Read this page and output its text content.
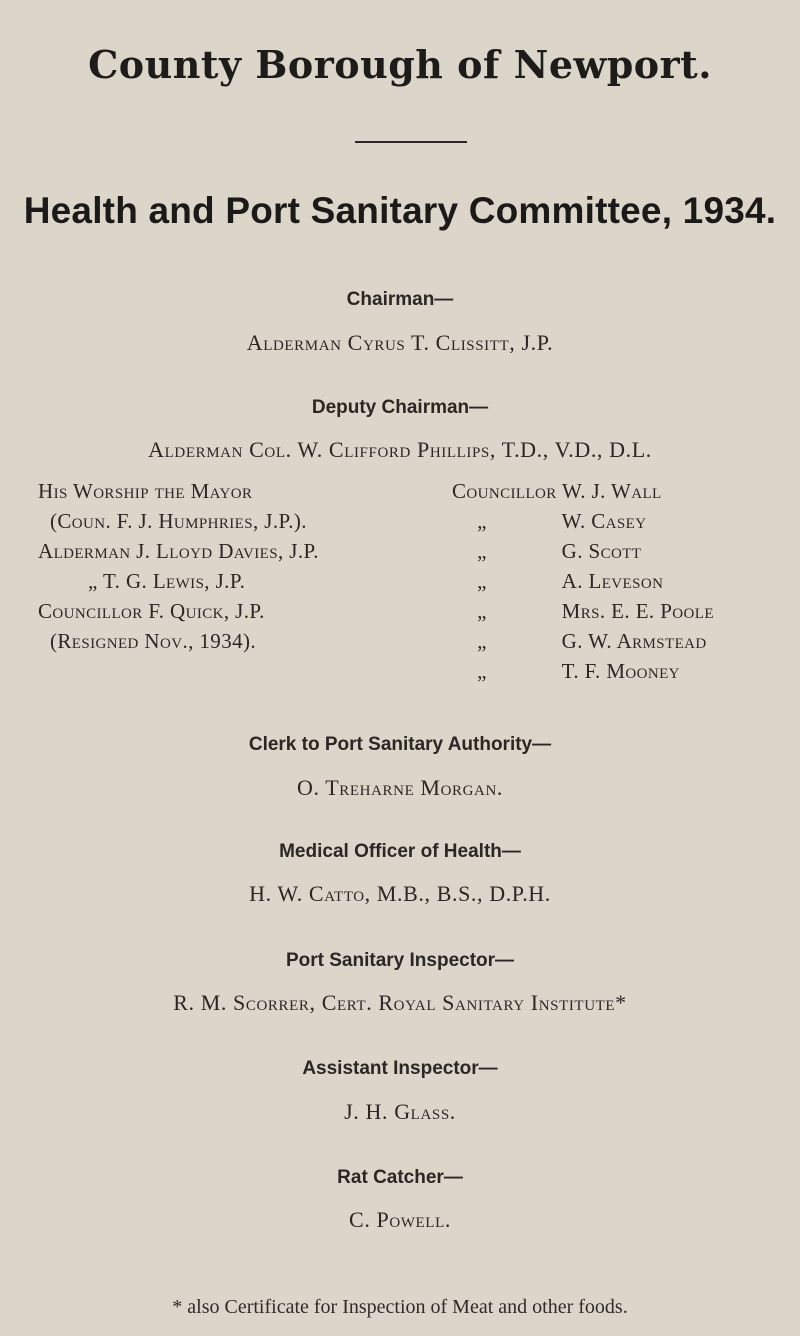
County Borough of Newport.
Health and Port Sanitary Committee, 1934.
Chairman—
Alderman Cyrus T. Clissitt, J.P.
Deputy Chairman—
Alderman Col. W. Clifford Phillips, T.D., V.D., D.L.
His Worship the Mayor
(Coun. F. J. Humphries, J.P.).
Alderman J. Lloyd Davies, J.P.
„ T. G. Lewis, J.P.
Councillor F. Quick, J.P.
(Resigned Nov., 1934).
Councillor W. J. Wall
„	W. Casey
„	G. Scott
„	A. Leveson
„	Mrs. E. E. Poole
„	G. W. Armstead
„	T. F. Mooney
Clerk to Port Sanitary Authority—
O. Treharne Morgan.
Medical Officer of Health—
H. W. Catto, M.B., B.S., D.P.H.
Port Sanitary Inspector—
R. M. Scorrer, Cert. Royal Sanitary Institute*
Assistant Inspector—
J. H. Glass.
Rat Catcher—
C. Powell.
* also Certificate for Inspection of Meat and other foods.
